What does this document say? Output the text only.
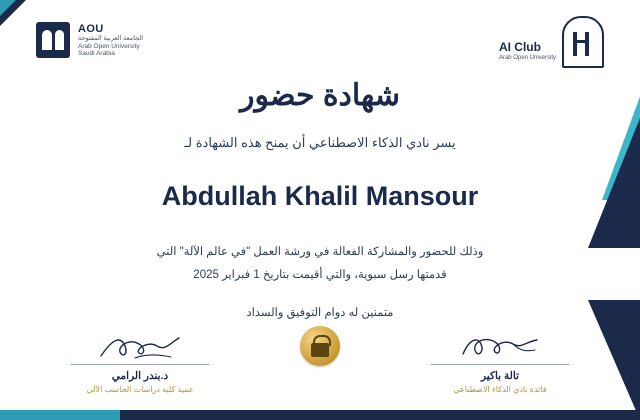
AOU
الجامعة العربية المفتوحة
Arab Open University
Saudi Arabia	AI Club
Arab Open University
شهادة حضور

يسر نادي الذكاء الاصطناعي أن يمنح هذه الشهادة لـ

Abdullah Khalil Mansour

وذلك للحضور والمشاركة الفعالة في ورشة العمل "في عالم الآلة" التي

قدمتها رسل سبوية، والتي أقيمت بتاريخ 1 فبراير 2025

متمنين له دوام التوفيق والسداد

د.بندر الرامي
عميد كلية دراسات الحاسب الآلي
تالة باكير
قائدة نادي الذكاء الاصطناعي
